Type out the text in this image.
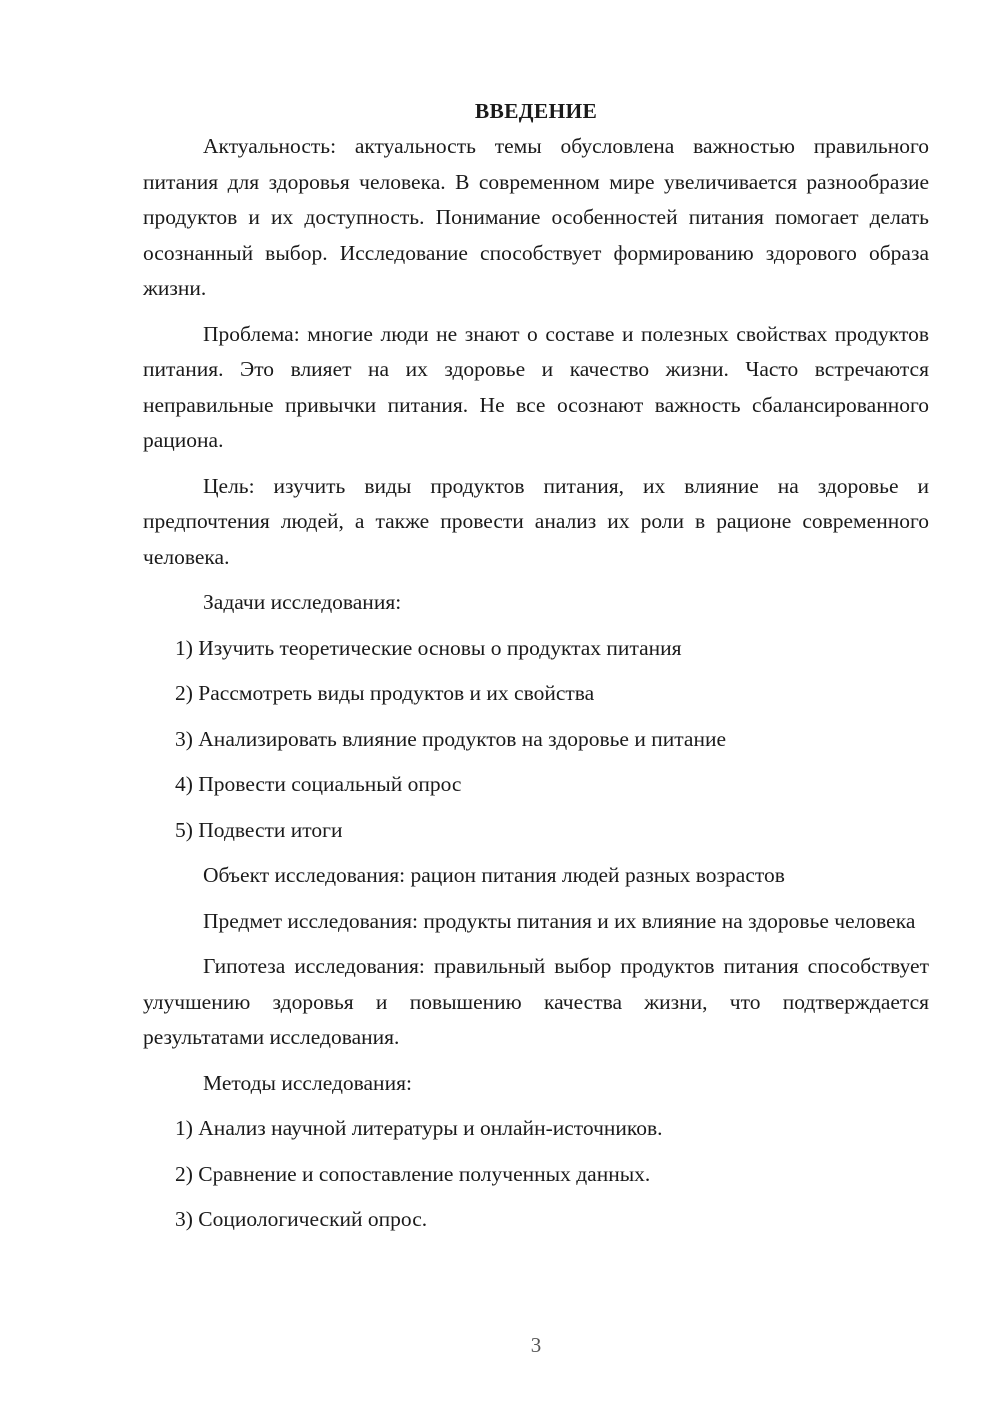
ВВЕДЕНИЕ

Актуальность: актуальность темы обусловлена важностью правильного питания для здоровья человека. В современном мире увеличивается разнообразие продуктов и их доступность. Понимание особенностей питания помогает делать осознанный выбор. Исследование способствует формированию здорового образа жизни.

Проблема: многие люди не знают о составе и полезных свойствах продуктов питания. Это влияет на их здоровье и качество жизни. Часто встречаются неправильные привычки питания. Не все осознают важность сбалансированного рациона.

Цель: изучить виды продуктов питания, их влияние на здоровье и предпочтения людей, а также провести анализ их роли в рационе современного человека.

Задачи исследования:

1) Изучить теоретические основы о продуктах питания

2) Рассмотреть виды продуктов и их свойства

3) Анализировать влияние продуктов на здоровье и питание

4) Провести социальный опрос

5) Подвести итоги

Объект исследования: рацион питания людей разных возрастов

Предмет исследования: продукты питания и их влияние на здоровье человека

Гипотеза исследования: правильный выбор продуктов питания способствует улучшению здоровья и повышению качества жизни, что подтверждается результатами исследования.

Методы исследования:

1) Анализ научной литературы и онлайн-источников.

2) Сравнение и сопоставление полученных данных.

3) Социологический опрос.

3
